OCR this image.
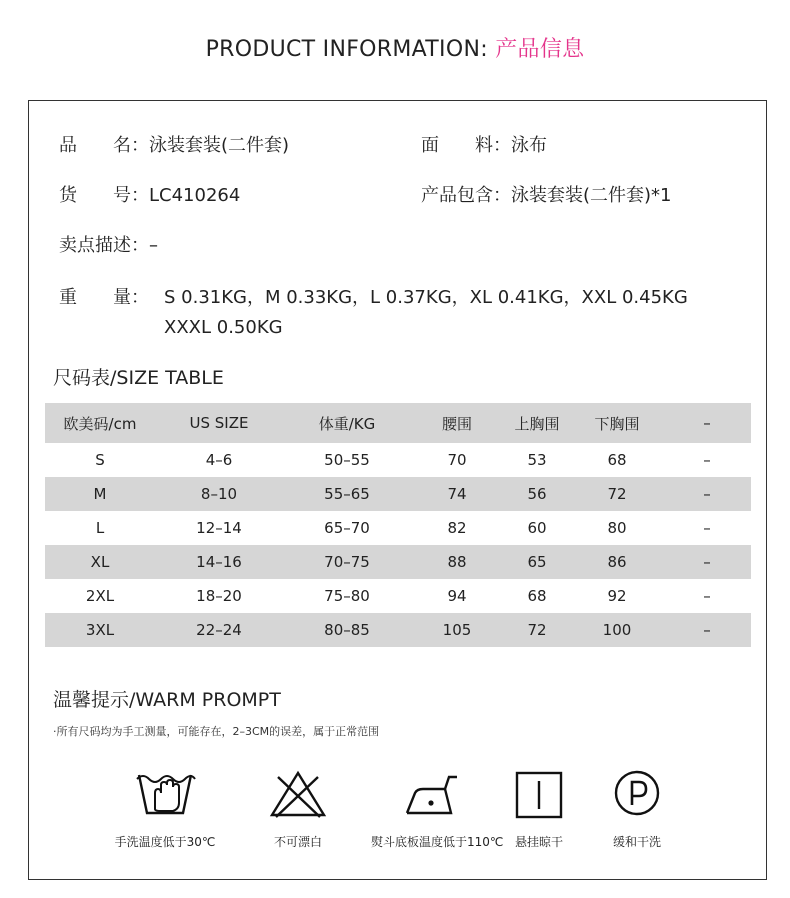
PRODUCT INFORMATION: 产品信息
品　　名：泳装套装(二件套)	面　　料：泳布
货　　号：LC410264	产品包含：泳装套装(二件套)*1
卖点描述：–
重　　量： S 0.31KG，M 0.33KG，L 0.37KG，XL 0.41KG，XXL 0.45KG
XXXL 0.50KG
尺码表/SIZE TABLE
欧美码/cm	US SIZE	体重/KG	腰围	上胸围	下胸围	–
S	4–6	50–55	70	53	68	–
M	8–10	55–65	74	56	72	–
L	12–14	65–70	82	60	80	–
XL	14–16	70–75	88	65	86	–
2XL	18–20	75–80	94	68	92	–
3XL	22–24	80–85	105	72	100	–
温馨提示/WARM PROMPT
·所有尺码均为手工测量，可能存在，2–3CM的误差，属于正常范围
手洗温度低于30℃	不可漂白	熨斗底板温度低于110℃ 悬挂晾干	缓和干洗
